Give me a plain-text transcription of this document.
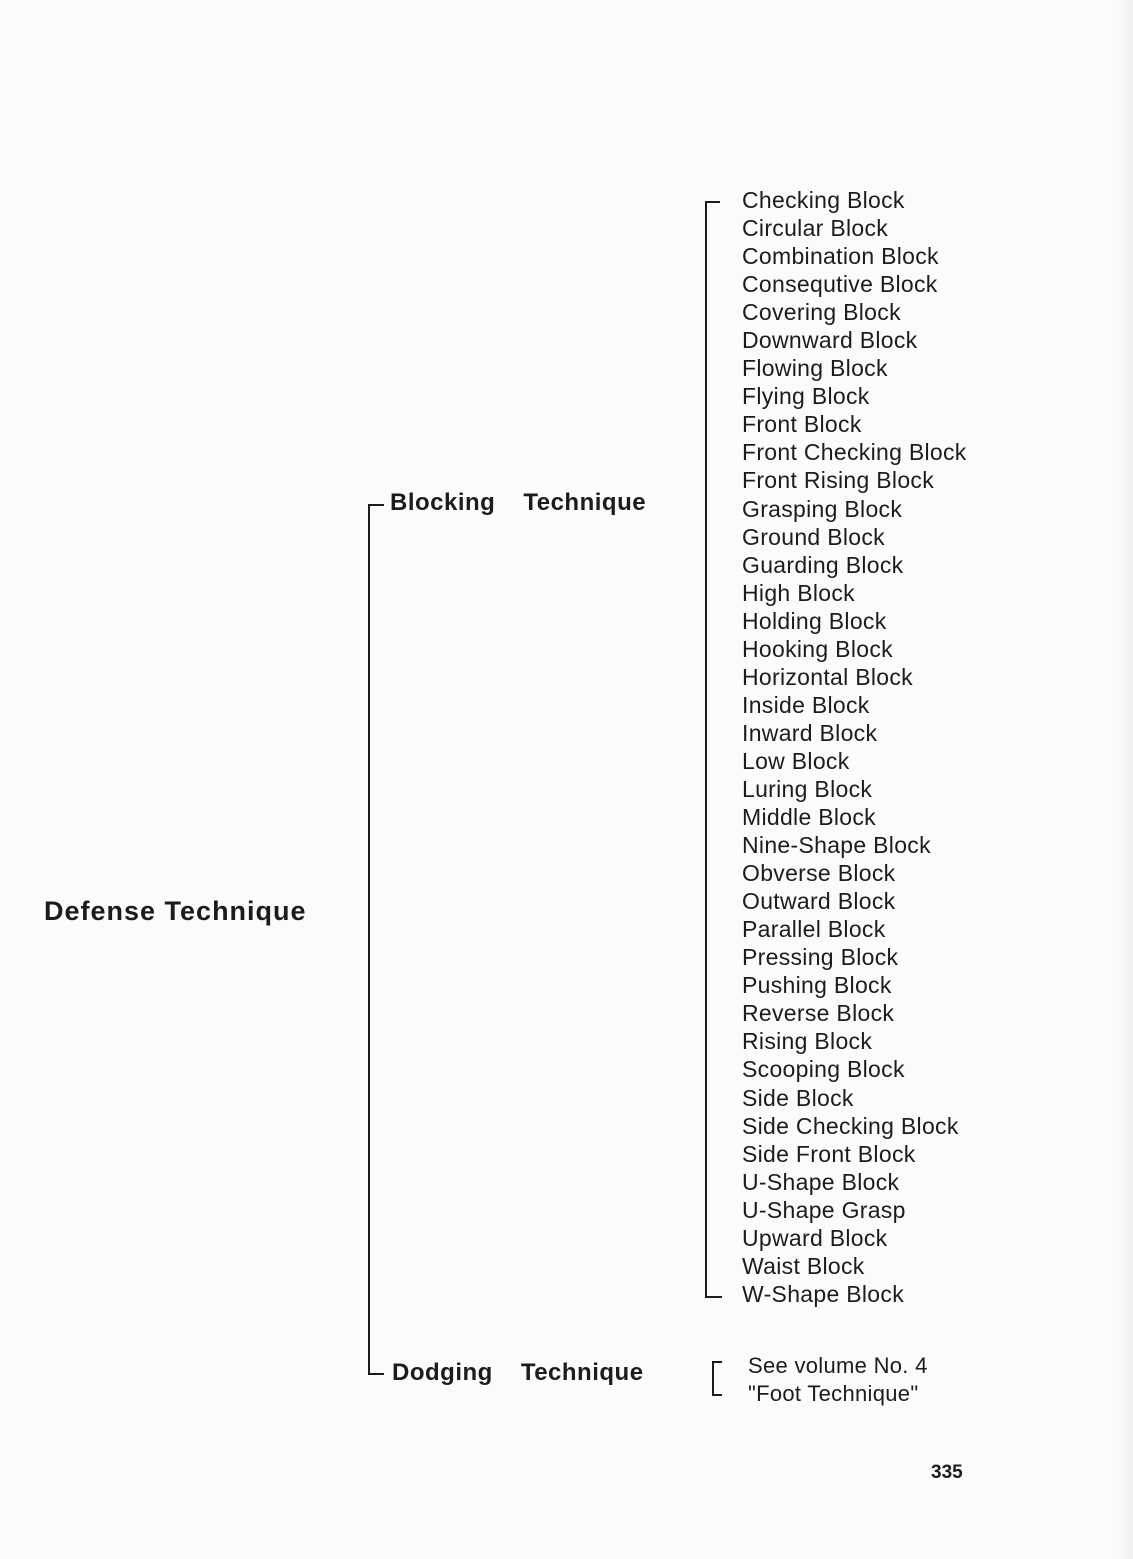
Defense Technique
Blocking Technique
Dodging Technique
Checking Block
Circular Block
Combination Block
Consequtive Block
Covering Block
Downward Block
Flowing Block
Flying Block
Front Block
Front Checking Block
Front Rising Block
Grasping Block
Ground Block
Guarding Block
High Block
Holding Block
Hooking Block
Horizontal Block
Inside Block
Inward Block
Low Block
Luring Block
Middle Block
Nine-Shape Block
Obverse Block
Outward Block
Parallel Block
Pressing Block
Pushing Block
Reverse Block
Rising Block
Scooping Block
Side Block
Side Checking Block
Side Front Block
U-Shape Block
U-Shape Grasp
Upward Block
Waist Block
W-Shape Block
See volume No. 4
"Foot Technique"
335
